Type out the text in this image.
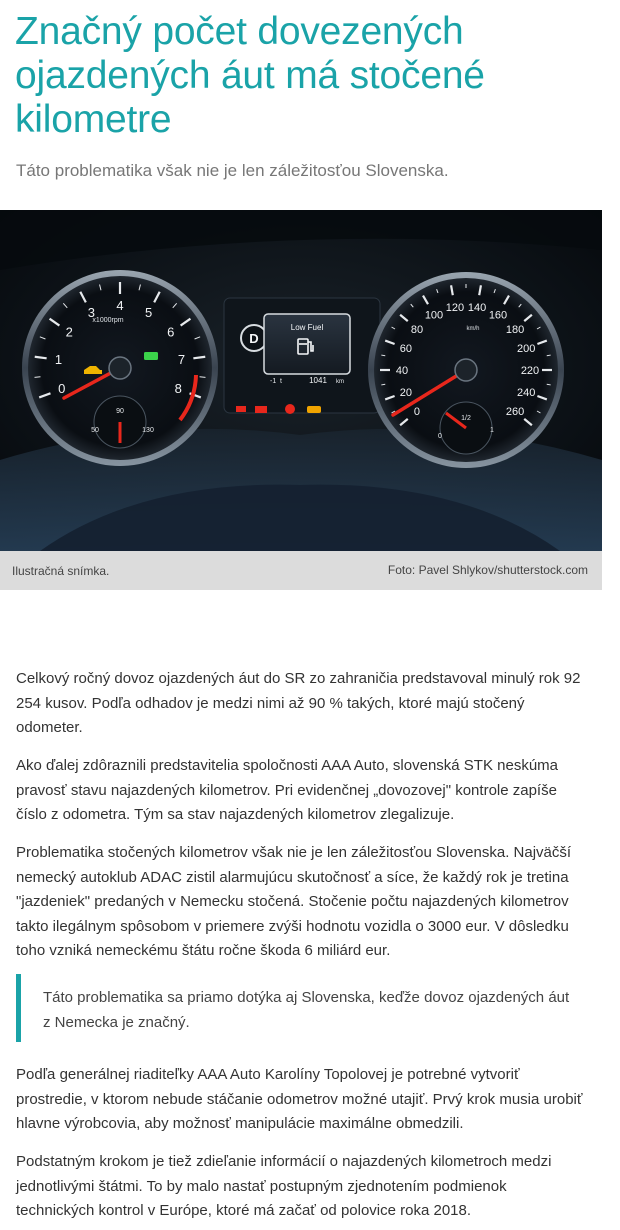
Značný počet dovezených ojazdených áut má stočené kilometre
Táto problematika však nie je len záležitosťou Slovenska.
x1000rpm
0
1
2
3 4 5
6
7
8
50
90
130
D
Low Fuel
-1 t	1041 km
km/h
0
20
40
60
80
100
120 140
160
180
200
220
240
260
0
1/2
1
Ilustračná snímka.	Foto: Pavel Shlykov/shutterstock.com

Celkový ročný dovoz ojazdených áut do SR zo zahraničia predstavoval minulý rok 92 254 kusov. Podľa odhadov je medzi nimi až 90 % takých, ktoré majú stočený odometer.

Ako ďalej zdôraznili predstavitelia spoločnosti AAA Auto, slovenská STK neskúma pravosť stavu najazdených kilometrov. Pri evidenčnej „dovozovej" kontrole zapíše číslo z odometra. Tým sa stav najazdených kilometrov zlegalizuje.

Problematika stočených kilometrov však nie je len záležitosťou Slovenska. Najväčší nemecký autoklub ADAC zistil alarmujúcu skutočnosť a síce, že každý rok je tretina "jazdeniek" predaných v Nemecku stočená. Stočenie počtu najazdených kilometrov takto ilegálnym spôsobom v priemere zvýši hodnotu vozidla o 3000 eur. V dôsledku toho vzniká nemeckému štátu ročne škoda 6 miliárd eur.

Táto problematika sa priamo dotýka aj Slovenska, keďže dovoz ojazdených áut z Nemecka je značný.

Podľa generálnej riaditeľky AAA Auto Karolíny Topolovej je potrebné vytvoriť prostredie, v ktorom nebude stáčanie odometrov možné utajiť. Prvý krok musia urobiť hlavne výrobcovia, aby možnosť manipulácie maximálne obmedzili.

Podstatným krokom je tiež zdieľanie informácií o najazdených kilometroch medzi jednotlivými štátmi. To by malo nastať postupným zjednotením podmienok technických kontrol v Európe, ktoré má začať od polovice roka 2018.
